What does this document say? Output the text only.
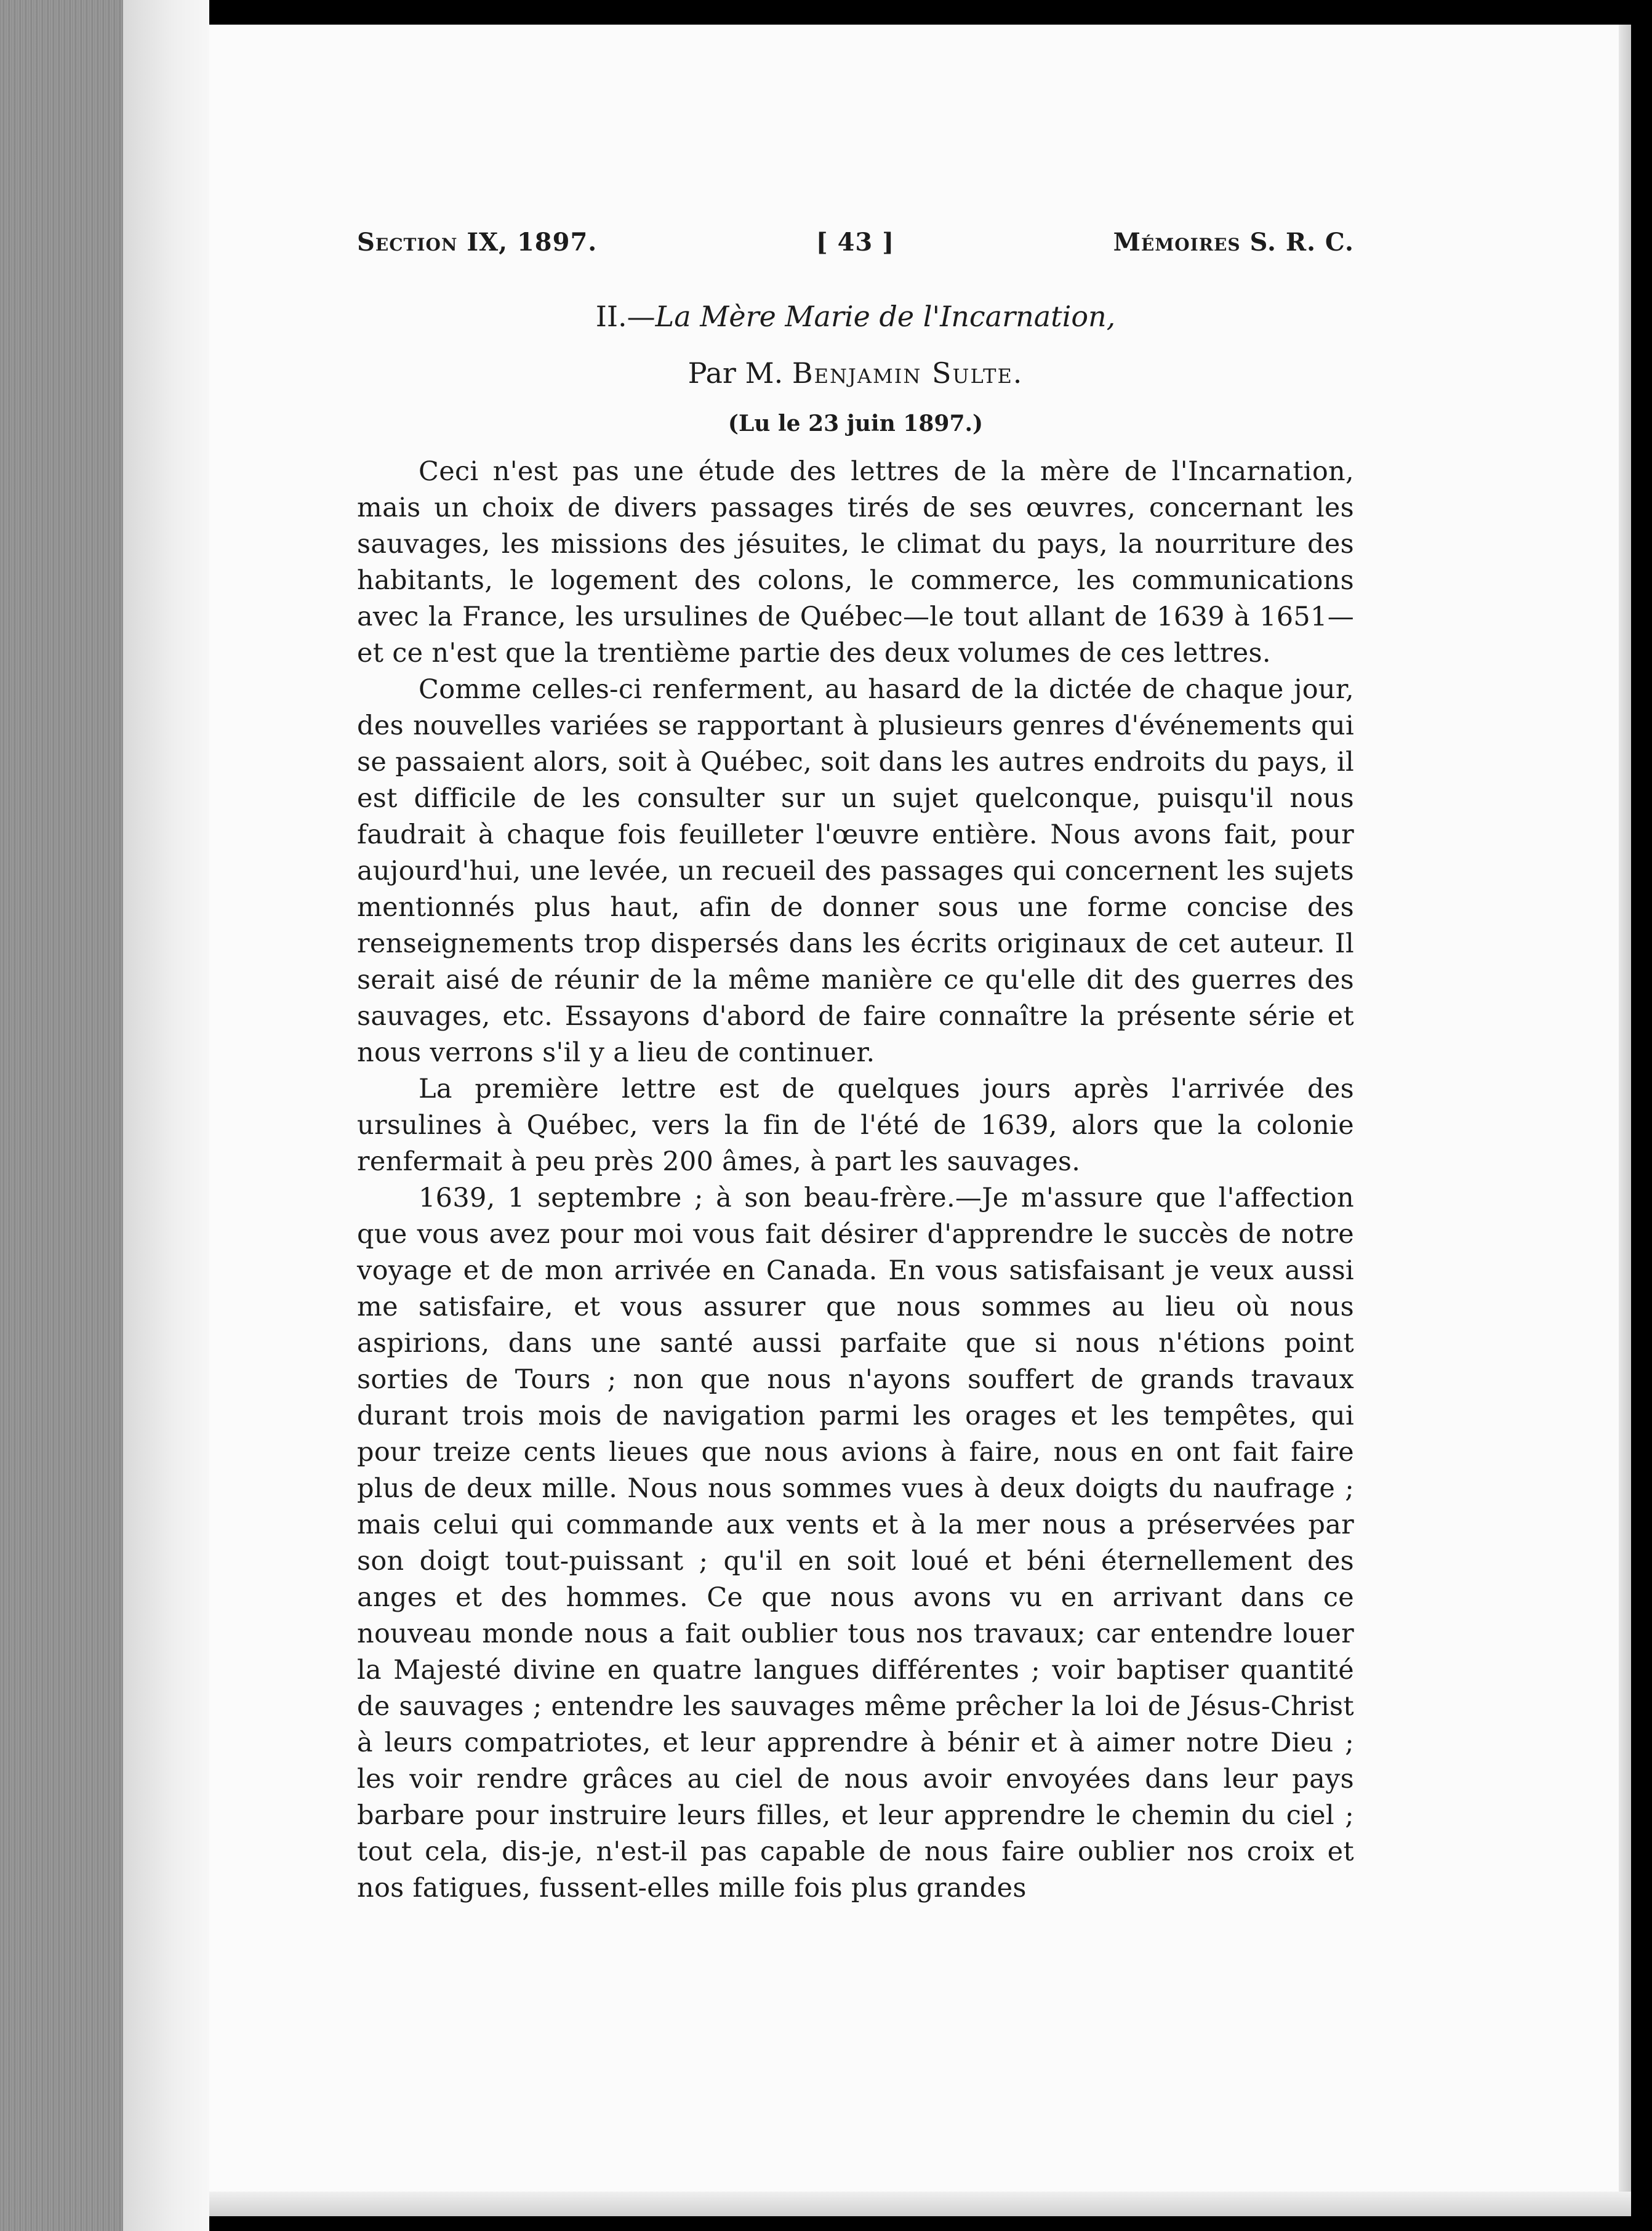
Section IX, 1897.	[ 43 ]	Mémoires S. R. C.
II.—La Mère Marie de l'Incarnation,
Par M. Benjamin Sulte.
(Lu le 23 juin 1897.)

Ceci n'est pas une étude des lettres de la mère de l'Incarnation, mais un choix de divers passages tirés de ses œuvres, concernant les sauvages, les missions des jésuites, le climat du pays, la nourriture des habitants, le logement des colons, le commerce, les communications avec la France, les ursulines de Québec—le tout allant de 1639 à 1651—et ce n'est que la trentième partie des deux volumes de ces lettres.

Comme celles-ci renferment, au hasard de la dictée de chaque jour, des nouvelles variées se rapportant à plusieurs genres d'événements qui se passaient alors, soit à Québec, soit dans les autres endroits du pays, il est difficile de les consulter sur un sujet quelconque, puisqu'il nous faudrait à chaque fois feuilleter l'œuvre entière. Nous avons fait, pour aujourd'hui, une levée, un recueil des passages qui concernent les sujets mentionnés plus haut, afin de donner sous une forme concise des renseignements trop dispersés dans les écrits originaux de cet auteur. Il serait aisé de réunir de la même manière ce qu'elle dit des guerres des sauvages, etc. Essayons d'abord de faire connaître la présente série et nous verrons s'il y a lieu de continuer.

La première lettre est de quelques jours après l'arrivée des ursulines à Québec, vers la fin de l'été de 1639, alors que la colonie renfermait à peu près 200 âmes, à part les sauvages.

1639, 1 septembre ; à son beau-frère.—Je m'assure que l'affection que vous avez pour moi vous fait désirer d'apprendre le succès de notre voyage et de mon arrivée en Canada. En vous satisfaisant je veux aussi me satisfaire, et vous assurer que nous sommes au lieu où nous aspirions, dans une santé aussi parfaite que si nous n'étions point sorties de Tours ; non que nous n'ayons souffert de grands travaux durant trois mois de navigation parmi les orages et les tempêtes, qui pour treize cents lieues que nous avions à faire, nous en ont fait faire plus de deux mille. Nous nous sommes vues à deux doigts du naufrage ; mais celui qui commande aux vents et à la mer nous a préservées par son doigt tout-puissant ; qu'il en soit loué et béni éternellement des anges et des hommes. Ce que nous avons vu en arrivant dans ce nouveau monde nous a fait oublier tous nos travaux; car entendre louer la Majesté divine en quatre langues différentes ; voir baptiser quantité de sauvages ; entendre les sauvages même prêcher la loi de Jésus-Christ à leurs compatriotes, et leur apprendre à bénir et à aimer notre Dieu ; les voir rendre grâces au ciel de nous avoir envoyées dans leur pays barbare pour instruire leurs filles, et leur apprendre le chemin du ciel ; tout cela, dis-je, n'est-il pas capable de nous faire oublier nos croix et nos fatigues, fussent-elles mille fois plus grandes
